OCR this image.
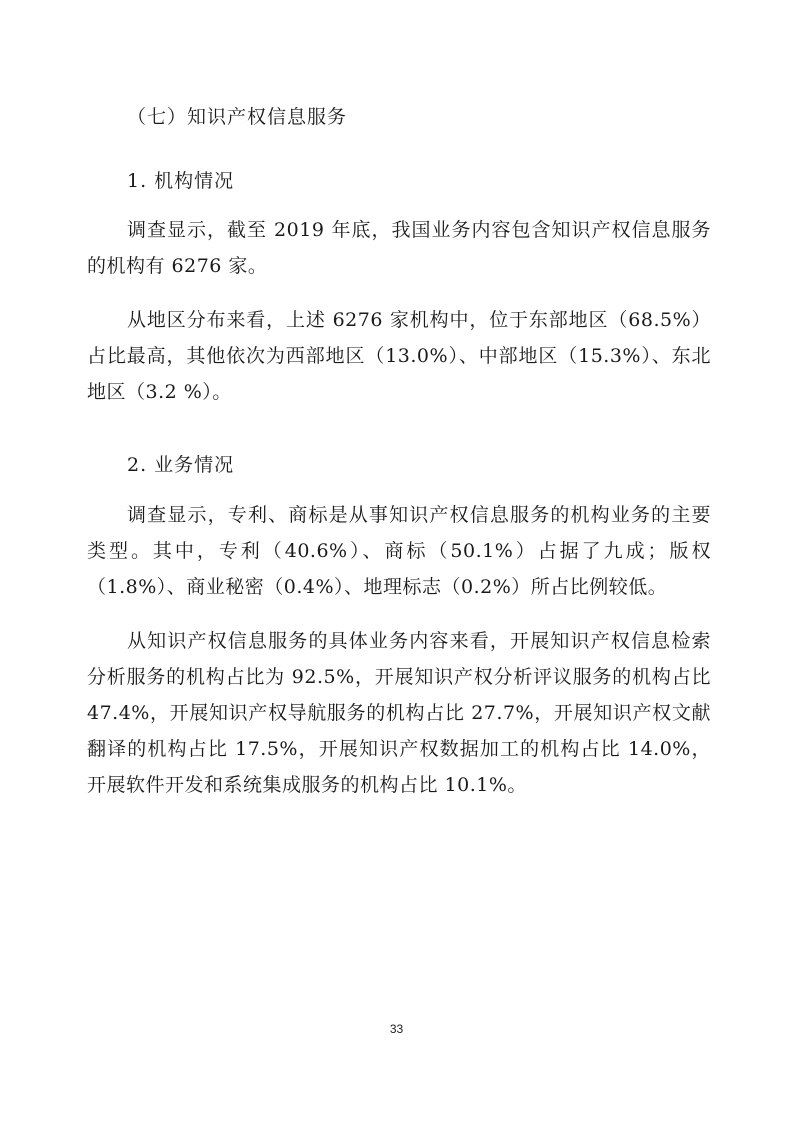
（七）知识产权信息服务
1. 机构情况

调查显示，截至 2019 年底，我国业务内容包含知识产权信息服务的机构有 6276 家。

从地区分布来看，上述 6276 家机构中，位于东部地区（68.5%）占比最高，其他依次为西部地区（13.0%）、中部地区（15.3%）、东北地区（3.2 %）。

2. 业务情况

调查显示，专利、商标是从事知识产权信息服务的机构业务的主要类型。其中，专利（40.6%）、商标（50.1%）占据了九成；版权（1.8%）、商业秘密（0.4%）、地理标志（0.2%）所占比例较低。

从知识产权信息服务的具体业务内容来看，开展知识产权信息检索分析服务的机构占比为 92.5%，开展知识产权分析评议服务的机构占比 47.4%，开展知识产权导航服务的机构占比 27.7%，开展知识产权文献翻译的机构占比 17.5%，开展知识产权数据加工的机构占比 14.0%，开展软件开发和系统集成服务的机构占比 10.1%。

33
